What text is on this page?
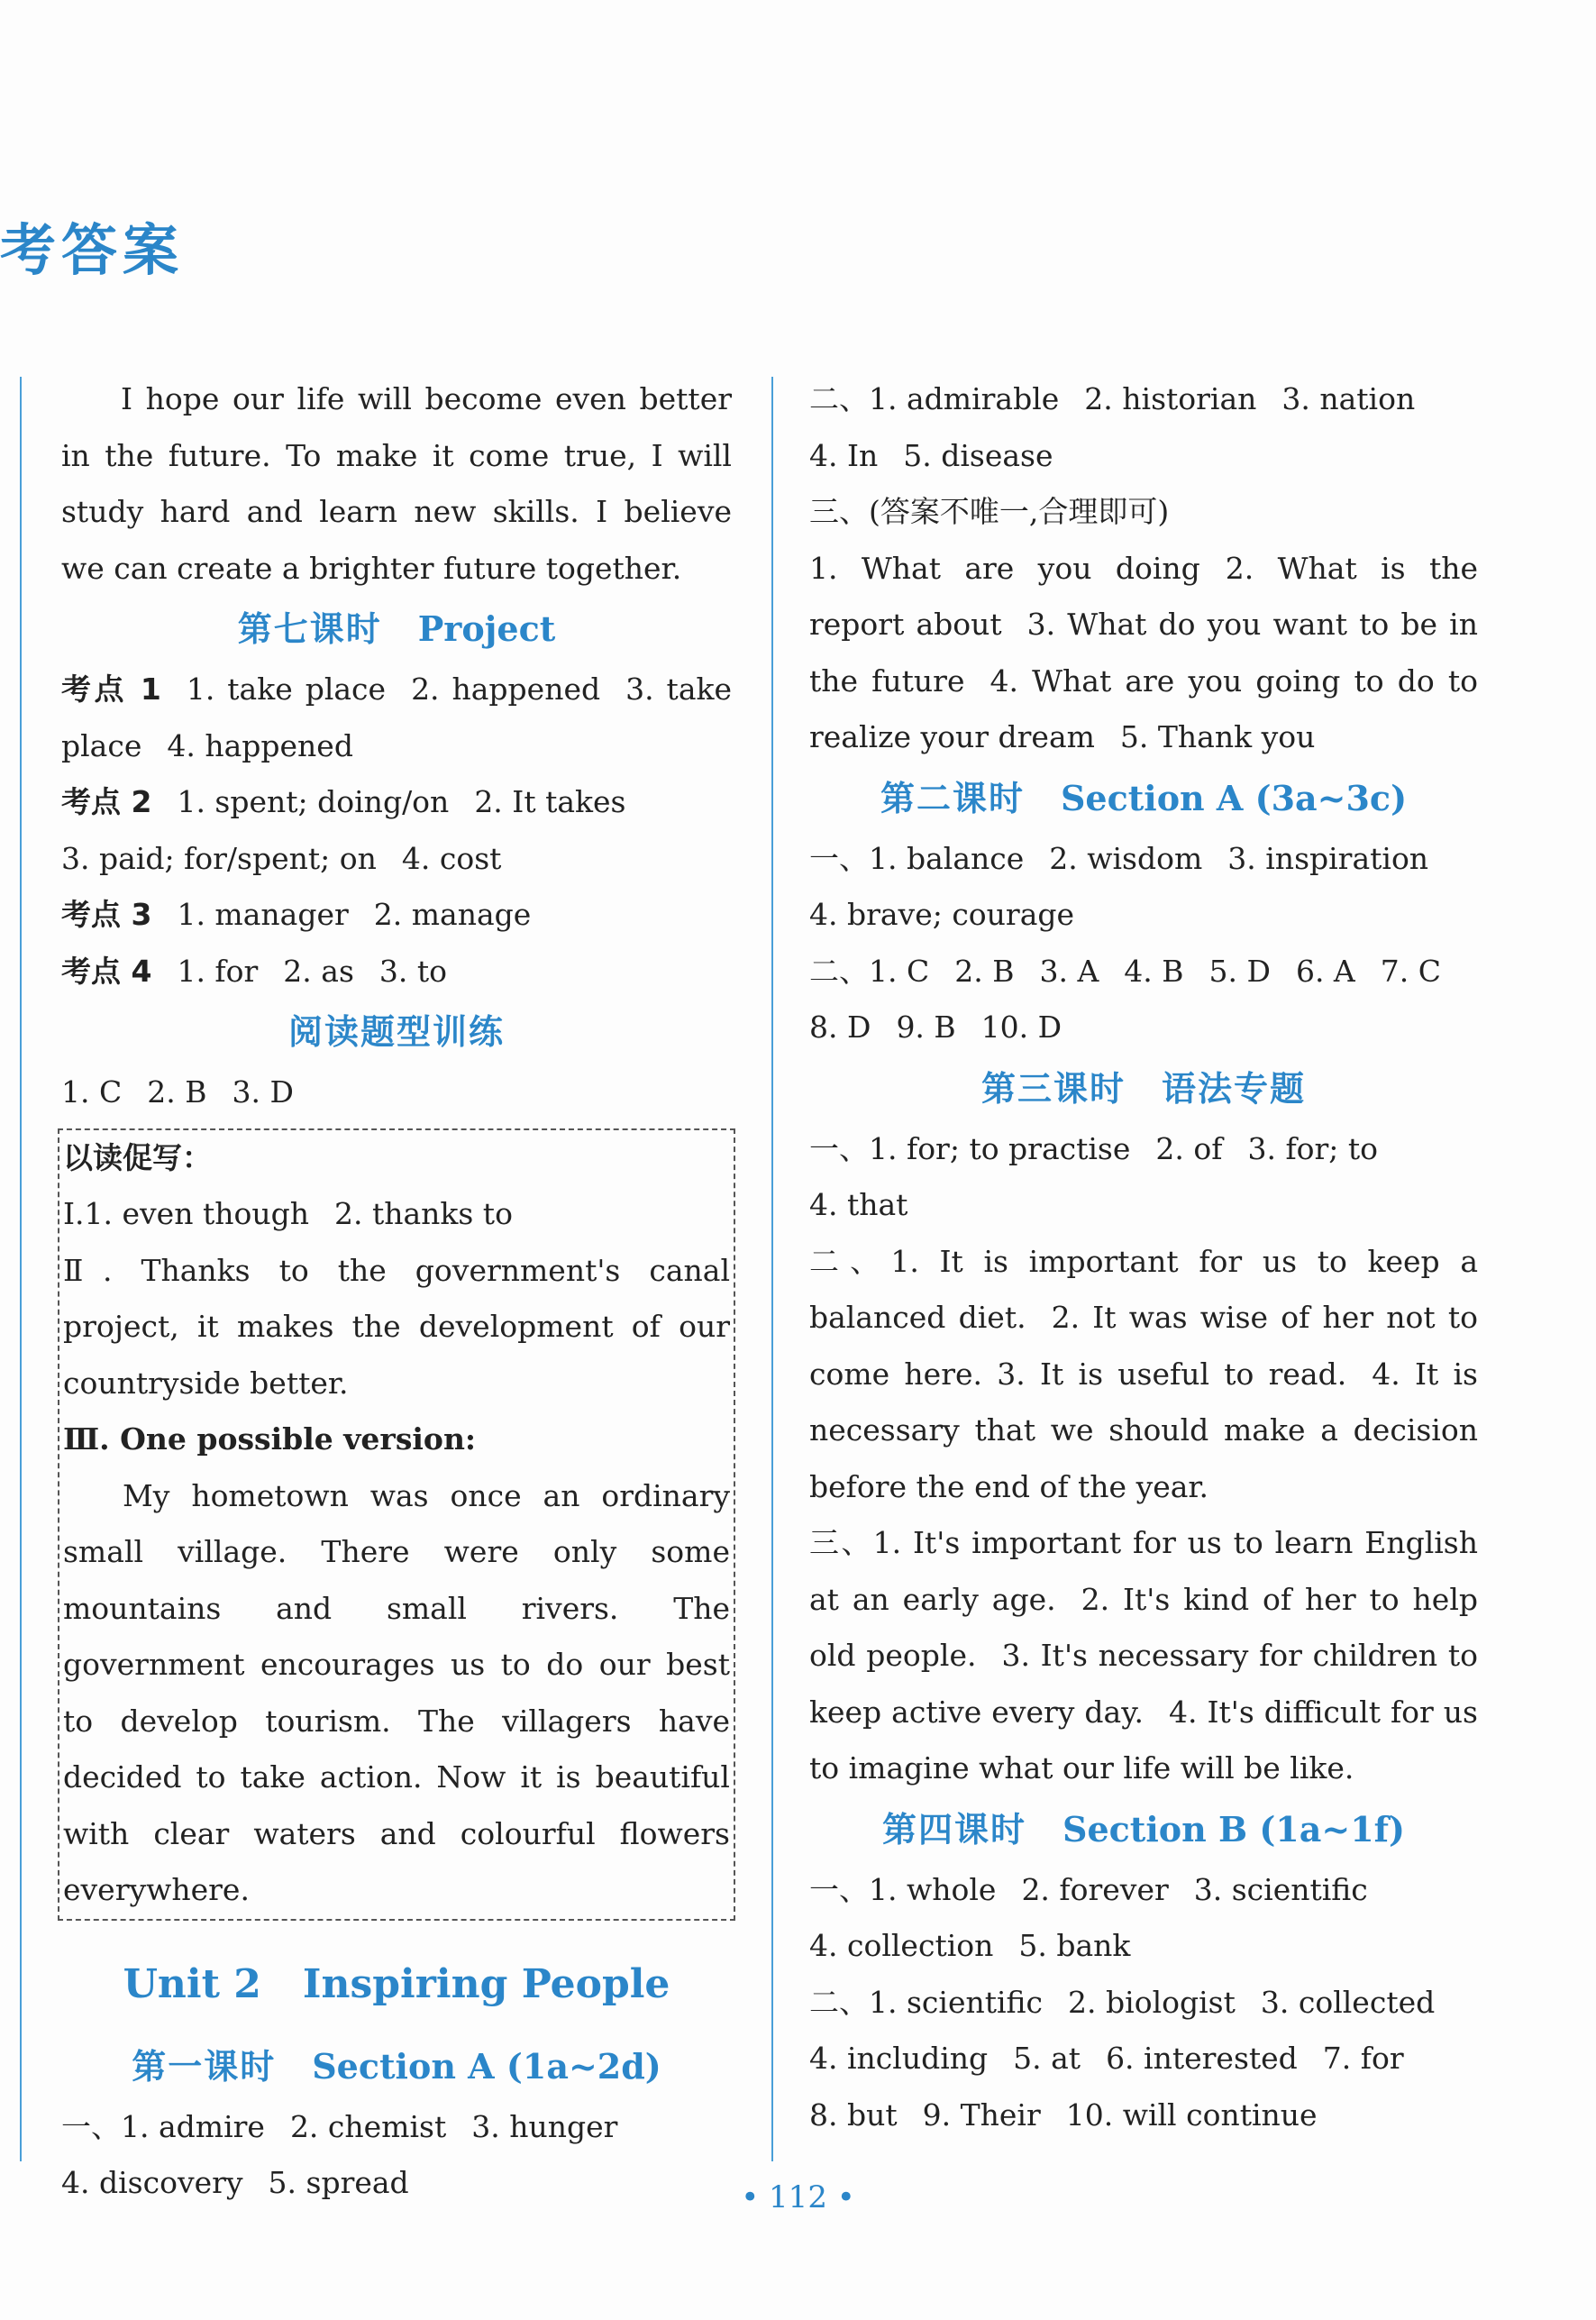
考答案

I hope our life will become even better in the future. To make it come true, I will study hard and learn new skills. I believe we can create a brighter future together.

第七课时 Project

考点 1 1. take place 2. happened 3. take place 4. happened

考点 2 1. spent; doing/on 2. It takes
3. paid; for/spent; on 4. cost

考点 3 1. manager 2. manage

考点 4 1. for 2. as 3. to

阅读题型训练

1. C 2. B 3. D

以读促写：

Ⅰ.1. even though 2. thanks to

Ⅱ. Thanks to the government's canal project, it makes the development of our countryside better.

Ⅲ. One possible version:

My hometown was once an ordinary small village. There were only some mountains and small rivers. The government encourages us to do our best to develop tourism. The villagers have decided to take action. Now it is beautiful with clear waters and colourful flowers everywhere.

Unit 2 Inspiring People
第一课时 Section A (1a~2d)

一、1. admire 2. chemist 3. hunger
4. discovery 5. spread

二、1. admirable 2. historian 3. nation
4. In 5. disease

三、(答案不唯一,合理即可)

1. What are you doing 2. What is the report about 3. What do you want to be in the future 4. What are you going to do to realize your dream 5. Thank you

第二课时 Section A (3a~3c)

一、1. balance 2. wisdom 3. inspiration
4. brave; courage

二、1. C 2. B 3. A 4. B 5. D 6. A 7. C
8. D 9. B 10. D

第三课时 语法专题

一、1. for; to practise 2. of 3. for; to
4. that

二、1. It is important for us to keep a balanced diet. 2. It was wise of her not to come here. 3. It is useful to read. 4. It is necessary that we should make a decision before the end of the year.

三、1. It's important for us to learn English at an early age. 2. It's kind of her to help old people. 3. It's necessary for children to keep active every day. 4. It's difficult for us to imagine what our life will be like.

第四课时 Section B (1a~1f)

一、1. whole 2. forever 3. scientific
4. collection 5. bank

二、1. scientific 2. biologist 3. collected
4. including 5. at 6. interested 7. for
8. but 9. Their 10. will continue

• 112 •
